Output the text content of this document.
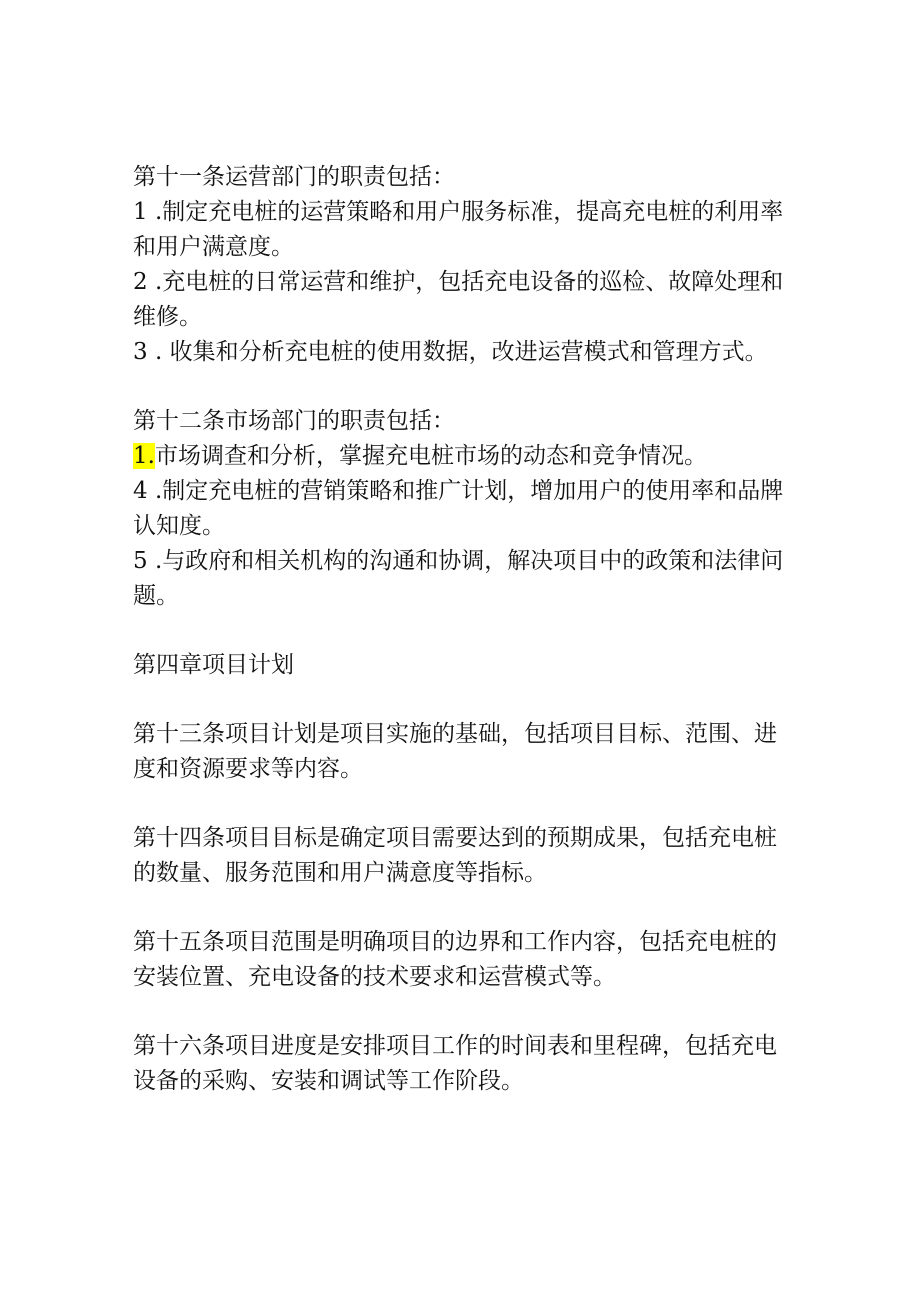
第十一条运营部门的职责包括：

1 .制定充电桩的运营策略和用户服务标准，提高充电桩的利用率和用户满意度。

2 .充电桩的日常运营和维护，包括充电设备的巡检、故障处理和维修。

3 . 收集和分析充电桩的使用数据，改进运营模式和管理方式。

第十二条市场部门的职责包括：

1.市场调查和分析，掌握充电桩市场的动态和竞争情况。

4 .制定充电桩的营销策略和推广计划，增加用户的使用率和品牌认知度。

5 .与政府和相关机构的沟通和协调，解决项目中的政策和法律问题。

第四章项目计划

第十三条项目计划是项目实施的基础，包括项目目标、范围、进度和资源要求等内容。

第十四条项目目标是确定项目需要达到的预期成果，包括充电桩的数量、服务范围和用户满意度等指标。

第十五条项目范围是明确项目的边界和工作内容，包括充电桩的安装位置、充电设备的技术要求和运营模式等。

第十六条项目进度是安排项目工作的时间表和里程碑，包括充电设备的采购、安装和调试等工作阶段。
